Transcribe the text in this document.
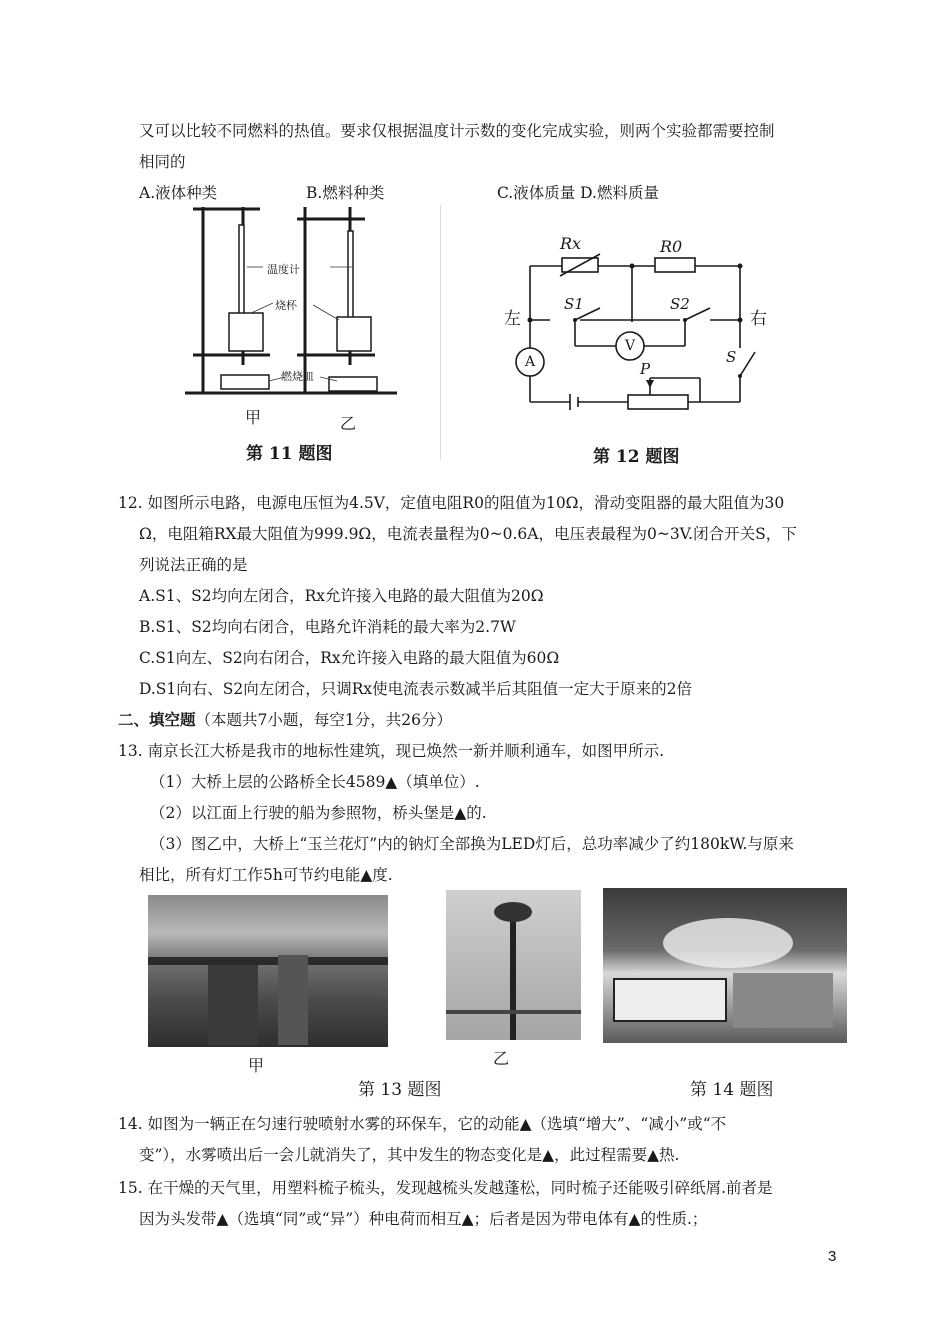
又可以比较不同燃料的热值。要求仅根据温度计示数的变化完成实验，则两个实验都需要控制
相同的
A.液体种类	B.燃料种类	C.液体质量 D.燃料质量
温度计
烧杯
燃烧皿
甲	乙
第 11 题图
Rx	R0
左	右
S1	S2
S
P
A
V
第 12 题图
12. 如图所示电路，电源电压恒为4.5V，定值电阻R0的阻值为10Ω，滑动变阻器的最大阻值为30
Ω，电阻箱RX最大阻值为999.9Ω，电流表量程为0~0.6A，电压表最程为0~3V.闭合开关S，下
列说法正确的是
A.S1、S2均向左闭合，Rx允许接入电路的最大阻值为20Ω
B.S1、S2均向右闭合，电路允许消耗的最大率为2.7W
C.S1向左、S2向右闭合，Rx允许接入电路的最大阻值为60Ω
D.S1向右、S2向左闭合，只调Rx使电流表示数减半后其阻值一定大于原来的2倍
二、填空题（本题共7小题，每空1分，共26分）
13. 南京长江大桥是我市的地标性建筑，现已焕然一新并顺利通车，如图甲所示.
（1）大桥上层的公路桥全长4589▲（填单位）.
（2）以江面上行驶的船为参照物，桥头堡是▲的.
（3）图乙中，大桥上“玉兰花灯”内的钠灯全部换为LED灯后，总功率减少了约180kW.与原来
相比，所有灯工作5h可节约电能▲度.
甲	乙
第 13 题图	第 14 题图
14. 如图为一辆正在匀速行驶喷射水雾的环保车，它的动能▲（选填“增大”、“减小”或“不
变”），水雾喷出后一会儿就消失了，其中发生的物态变化是▲，此过程需要▲热.
15. 在干燥的天气里，用塑料梳子梳头，发现越梳头发越蓬松，同时梳子还能吸引碎纸屑.前者是
因为头发带▲（选填“同”或“异”）种电荷而相互▲；后者是因为带电体有▲的性质.；
3
